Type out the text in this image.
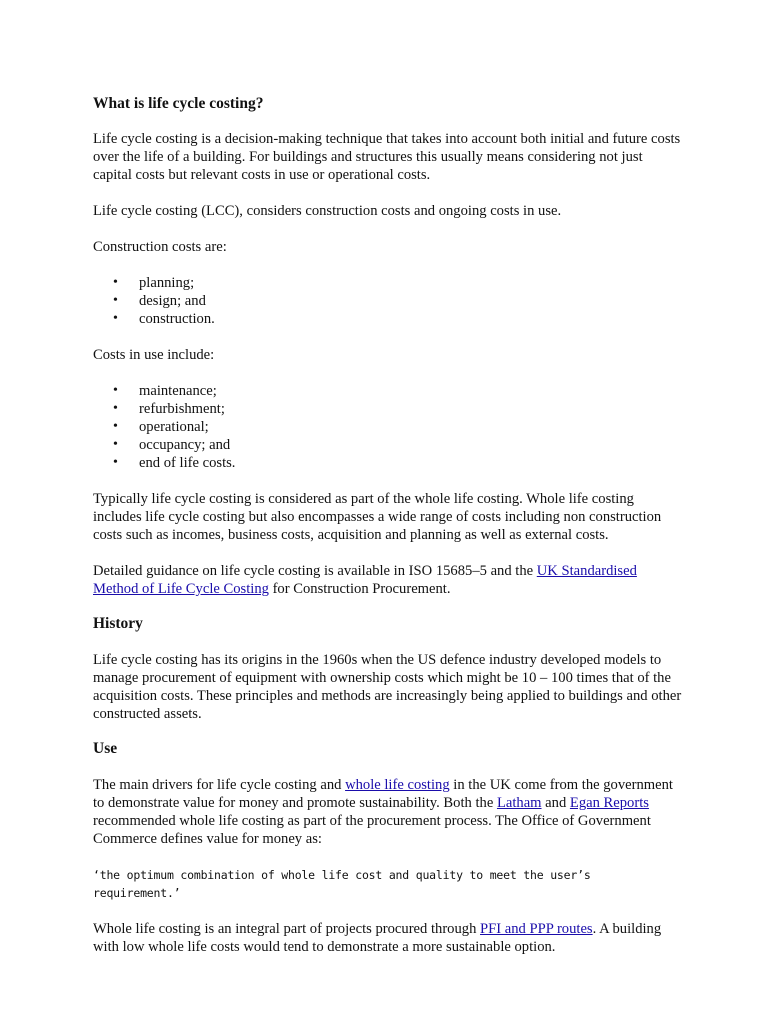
What is life cycle costing?

Life cycle costing is a decision-making technique that takes into account both initial and future costs over the life of a building. For buildings and structures this usually means considering not just capital costs but relevant costs in use or operational costs.

Life cycle costing (LCC), considers construction costs and ongoing costs in use.

Construction costs are:

• planning;
• design; and
• construction.

Costs in use include:

• maintenance;
• refurbishment;
• operational;
• occupancy; and
• end of life costs.

Typically life cycle costing is considered as part of the whole life costing. Whole life costing includes life cycle costing but also encompasses a wide range of costs including non construction costs such as incomes, business costs, acquisition and planning as well as external costs.

Detailed guidance on life cycle costing is available in ISO 15685–5 and the UK Standardised Method of Life Cycle Costing for Construction Procurement.

History

Life cycle costing has its origins in the 1960s when the US defence industry developed models to manage procurement of equipment with ownership costs which might be 10 – 100 times that of the acquisition costs. These principles and methods are increasingly being applied to buildings and other constructed assets.

Use

The main drivers for life cycle costing and whole life costing in the UK come from the government to demonstrate value for money and promote sustainability. Both the Latham and Egan Reports recommended whole life costing as part of the procurement process. The Office of Government Commerce defines value for money as:

‘the optimum combination of whole life cost and quality to meet the user’s requirement.’

Whole life costing is an integral part of projects procured through PFI and PPP routes. A building with low whole life costs would tend to demonstrate a more sustainable option.
